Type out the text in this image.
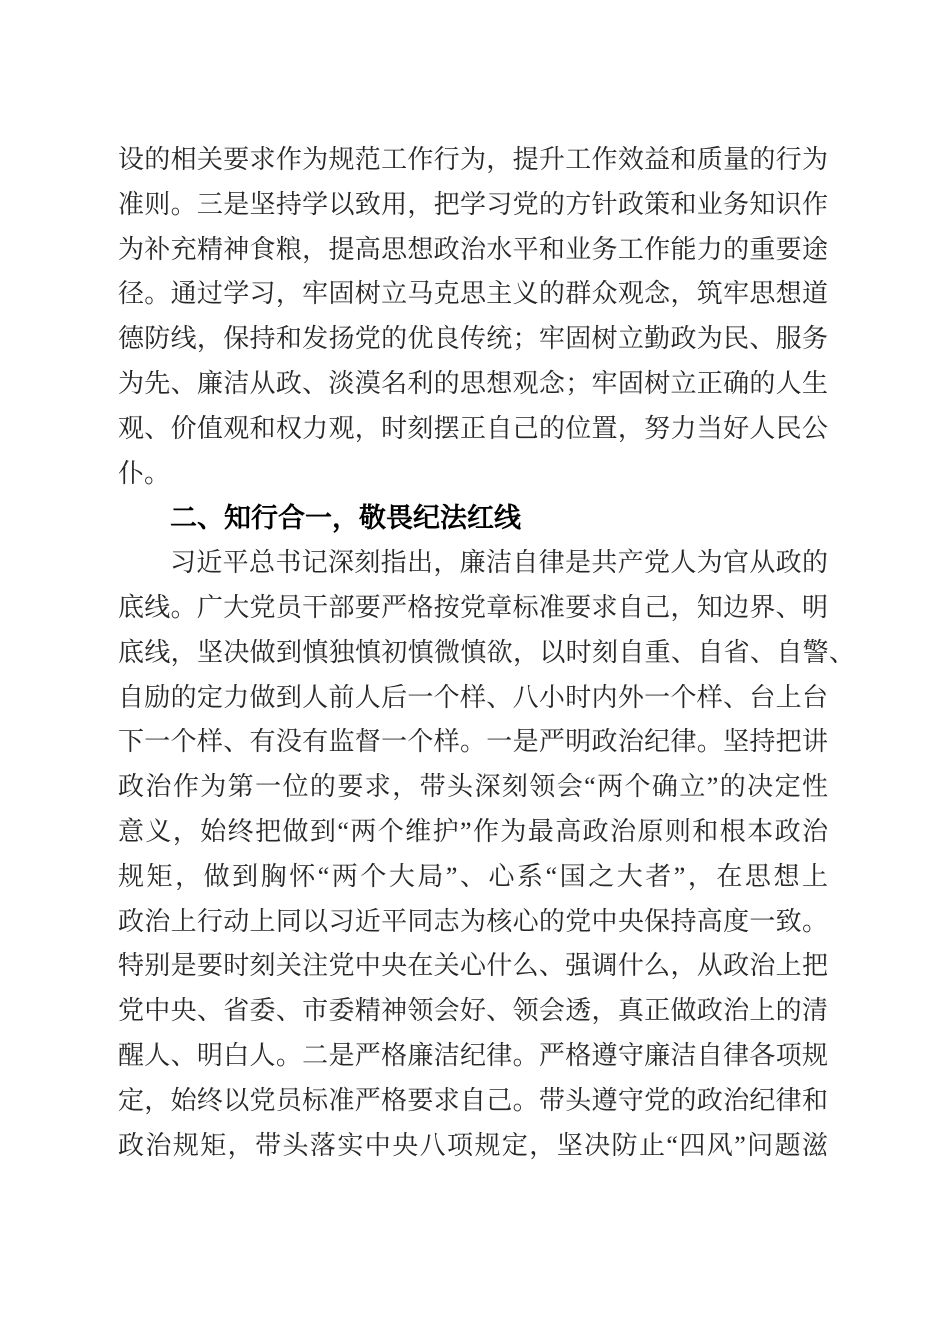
设的相关要求作为规范工作行为，提升工作效益和质量的行为
准则。三是坚持学以致用，把学习党的方针政策和业务知识作
为补充精神食粮，提高思想政治水平和业务工作能力的重要途
径。通过学习，牢固树立马克思主义的群众观念，筑牢思想道
德防线，保持和发扬党的优良传统；牢固树立勤政为民、服务
为先、廉洁从政、淡漠名利的思想观念；牢固树立正确的人生
观、价值观和权力观，时刻摆正自己的位置，努力当好人民公
仆。
二、知行合一，敬畏纪法红线
习近平总书记深刻指出，廉洁自律是共产党人为官从政的
底线。广大党员干部要严格按党章标准要求自己，知边界、明
底线，坚决做到慎独慎初慎微慎欲，以时刻自重、自省、自警、
自励的定力做到人前人后一个样、八小时内外一个样、台上台
下一个样、有没有监督一个样。一是严明政治纪律。坚持把讲
政治作为第一位的要求，带头深刻领会“两个确立”的决定性
意义，始终把做到“两个维护”作为最高政治原则和根本政治
规矩，做到胸怀“两个大局”、心系“国之大者”，在思想上
政治上行动上同以习近平同志为核心的党中央保持高度一致。
特别是要时刻关注党中央在关心什么、强调什么，从政治上把
党中央、省委、市委精神领会好、领会透，真正做政治上的清
醒人、明白人。二是严格廉洁纪律。严格遵守廉洁自律各项规
定，始终以党员标准严格要求自己。带头遵守党的政治纪律和
政治规矩，带头落实中央八项规定，坚决防止“四风”问题滋
